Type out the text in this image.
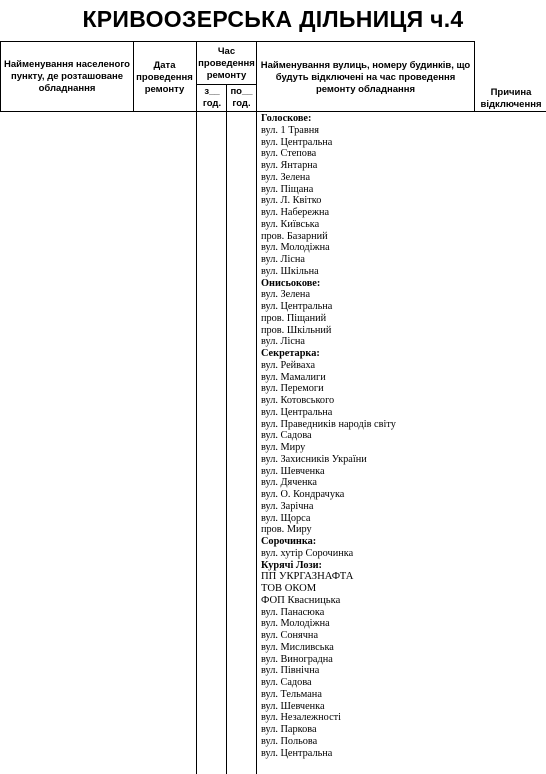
КРИВООЗЕРСЬКА ДІЛЬНИЦЯ ч.4
Найменування населеного пункту, де розташоване обладнання
Дата проведення ремонту
Час проведення ремонту
з__ год.
по__ год.
Найменування вулиць, номеру будинків, що будуть відключені на час проведення ремонту обладнання	Причина відключення
Голоскове:
вул. 1 Травня
вул. Центральна
вул. Степова
вул. Янтарна
вул. Зелена
вул. Піщана
вул. Л. Квітко
вул. Набережна
вул. Київська
пров. Базарний
вул. Молодіжна
вул. Лісна
вул. Шкільна
Онисьокове:
вул. Зелена
вул. Центральна
пров. Піщаний
пров. Шкільний
вул. Лісна
Секретарка:
вул. Рейваха
вул. Мамалиги
вул. Перемоги
вул. Котовського
вул. Центральна
вул. Праведників народів світу
вул. Садова
вул. Миру
вул. Захисників України
вул. Шевченка
вул. Дяченка
вул. О. Кондрачука
вул. Зарічна
вул. Щорса
пров. Миру
Сорочинка:
вул. хутір Сорочинка
Курячі Лози:
ПП УКРГАЗНАФТА
ТОВ ОКОМ
ФОП Квасницька
вул. Панасюка
вул. Молодіжна
вул. Сонячна
вул. Мисливська
вул. Виноградна
вул. Північна
вул. Садова
вул. Тельмана
вул. Шевченка
вул. Незалежності
вул. Паркова
вул. Польова
вул. Центральна
